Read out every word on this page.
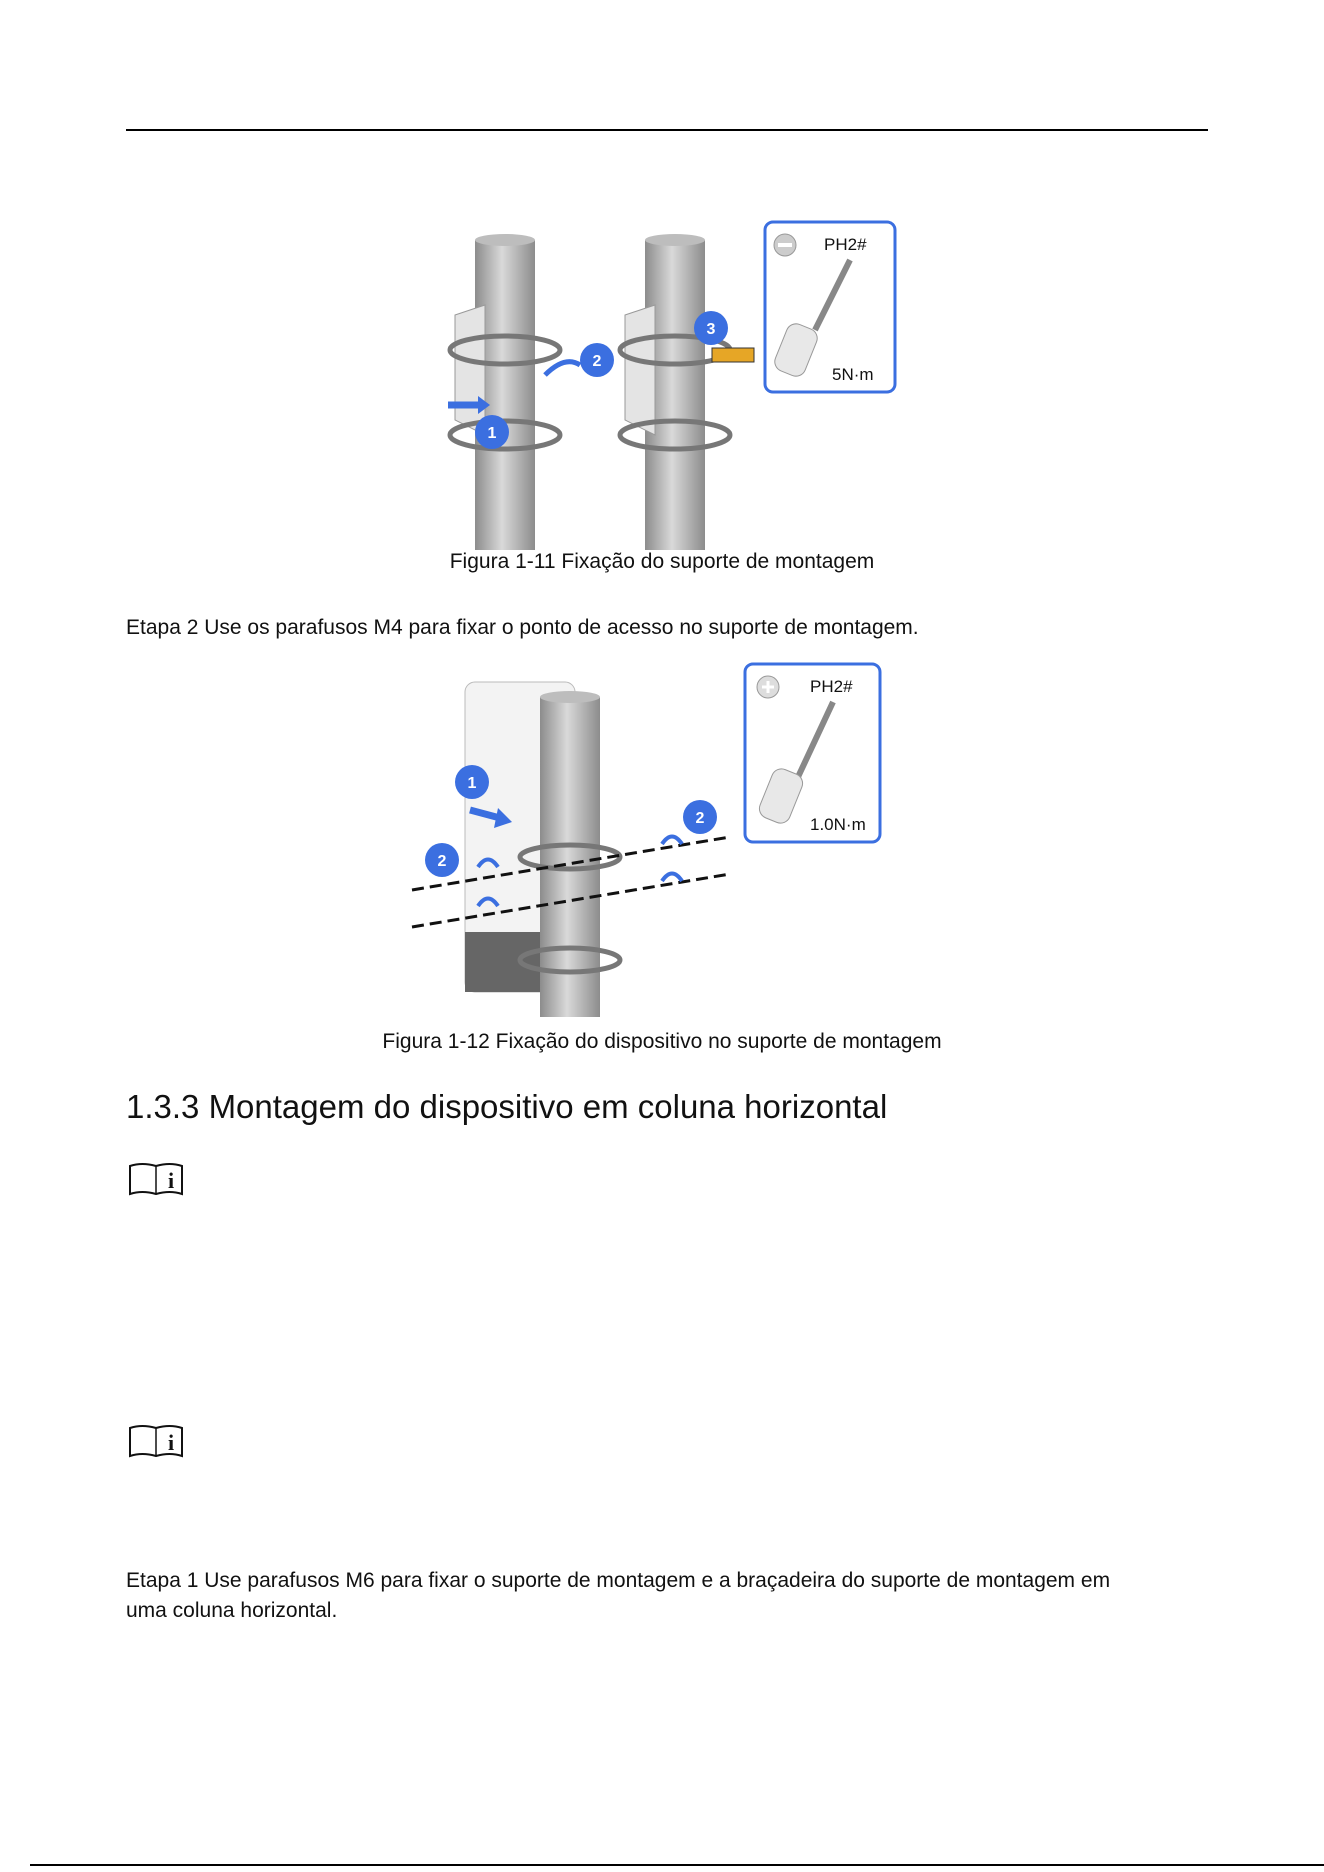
1
2
3
PH2#
5N·m
Figura 1-11 Fixação do suporte de montagem
Etapa 2 Use os parafusos M4 para fixar o ponto de acesso no suporte de montagem.
1
2
2
PH2#
1.0N·m
Figura 1-12 Fixação do dispositivo no suporte de montagem
1.3.3 Montagem do dispositivo em coluna horizontal
i
i
Etapa 1 Use parafusos M6 para fixar o suporte de montagem e a braçadeira do suporte de montagem em uma coluna horizontal.
